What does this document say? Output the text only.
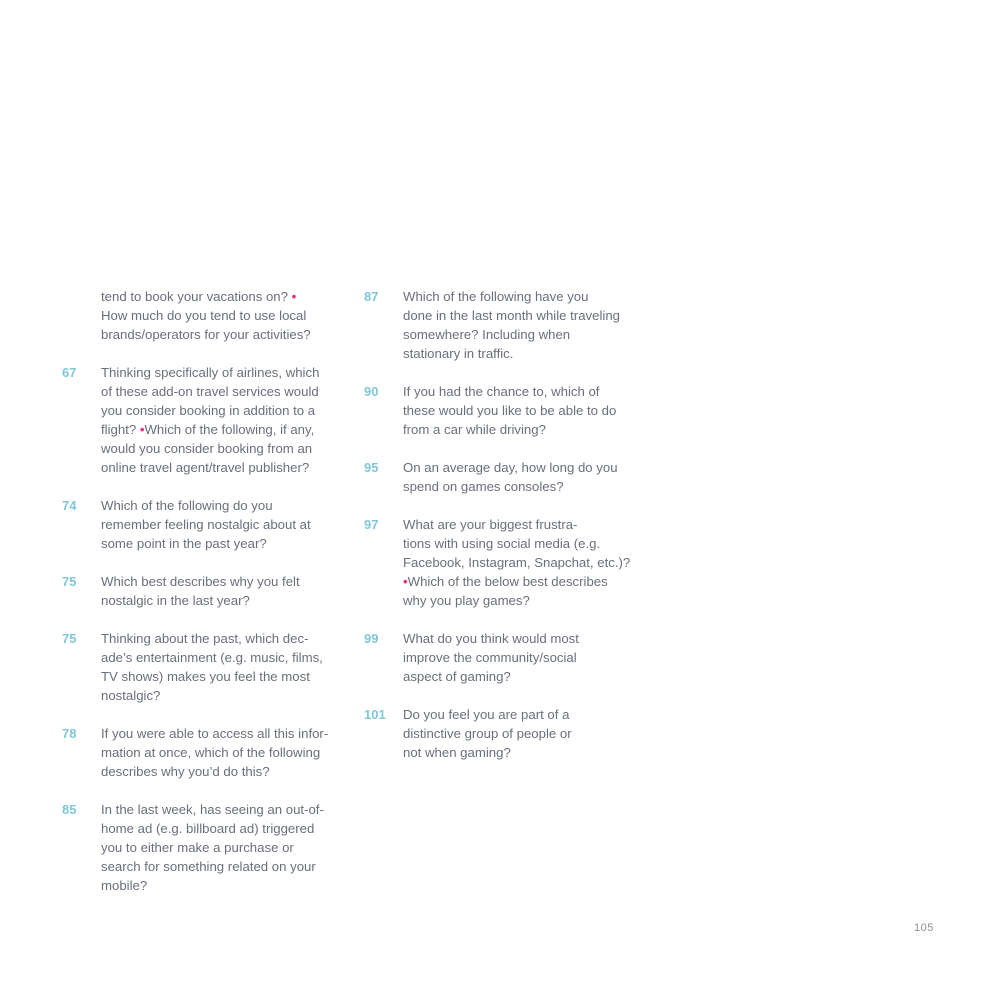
tend to book your vacations on? •
How much do you tend to use local
brands/operators for your activities?
67	Thinking specifically of airlines, which
of these add-on travel services would
you consider booking in addition to a
flight? •Which of the following, if any,
would you consider booking from an
online travel agent/travel publisher?
74	Which of the following do you
remember feeling nostalgic about at
some point in the past year?
75	Which best describes why you felt
nostalgic in the last year?
75	Thinking about the past, which dec-
ade’s entertainment (e.g. music, films,
TV shows) makes you feel the most
nostalgic?
78	If you were able to access all this infor-
mation at once, which of the following
describes why you’d do this?
85	In the last week, has seeing an out-of-
home ad (e.g. billboard ad) triggered
you to either make a purchase or
search for something related on your
mobile?
87	Which of the following have you
done in the last month while traveling
somewhere? Including when
stationary in traffic.
90	If you had the chance to, which of
these would you like to be able to do
from a car while driving?
95	On an average day, how long do you
spend on games consoles?
97	What are your biggest frustra-
tions with using social media (e.g.
Facebook, Instagram, Snapchat, etc.)?
•Which of the below best describes
why you play games?
99	What do you think would most
improve the community/social
aspect of gaming?
101	Do you feel you are part of a
distinctive group of people or
not when gaming?
105
